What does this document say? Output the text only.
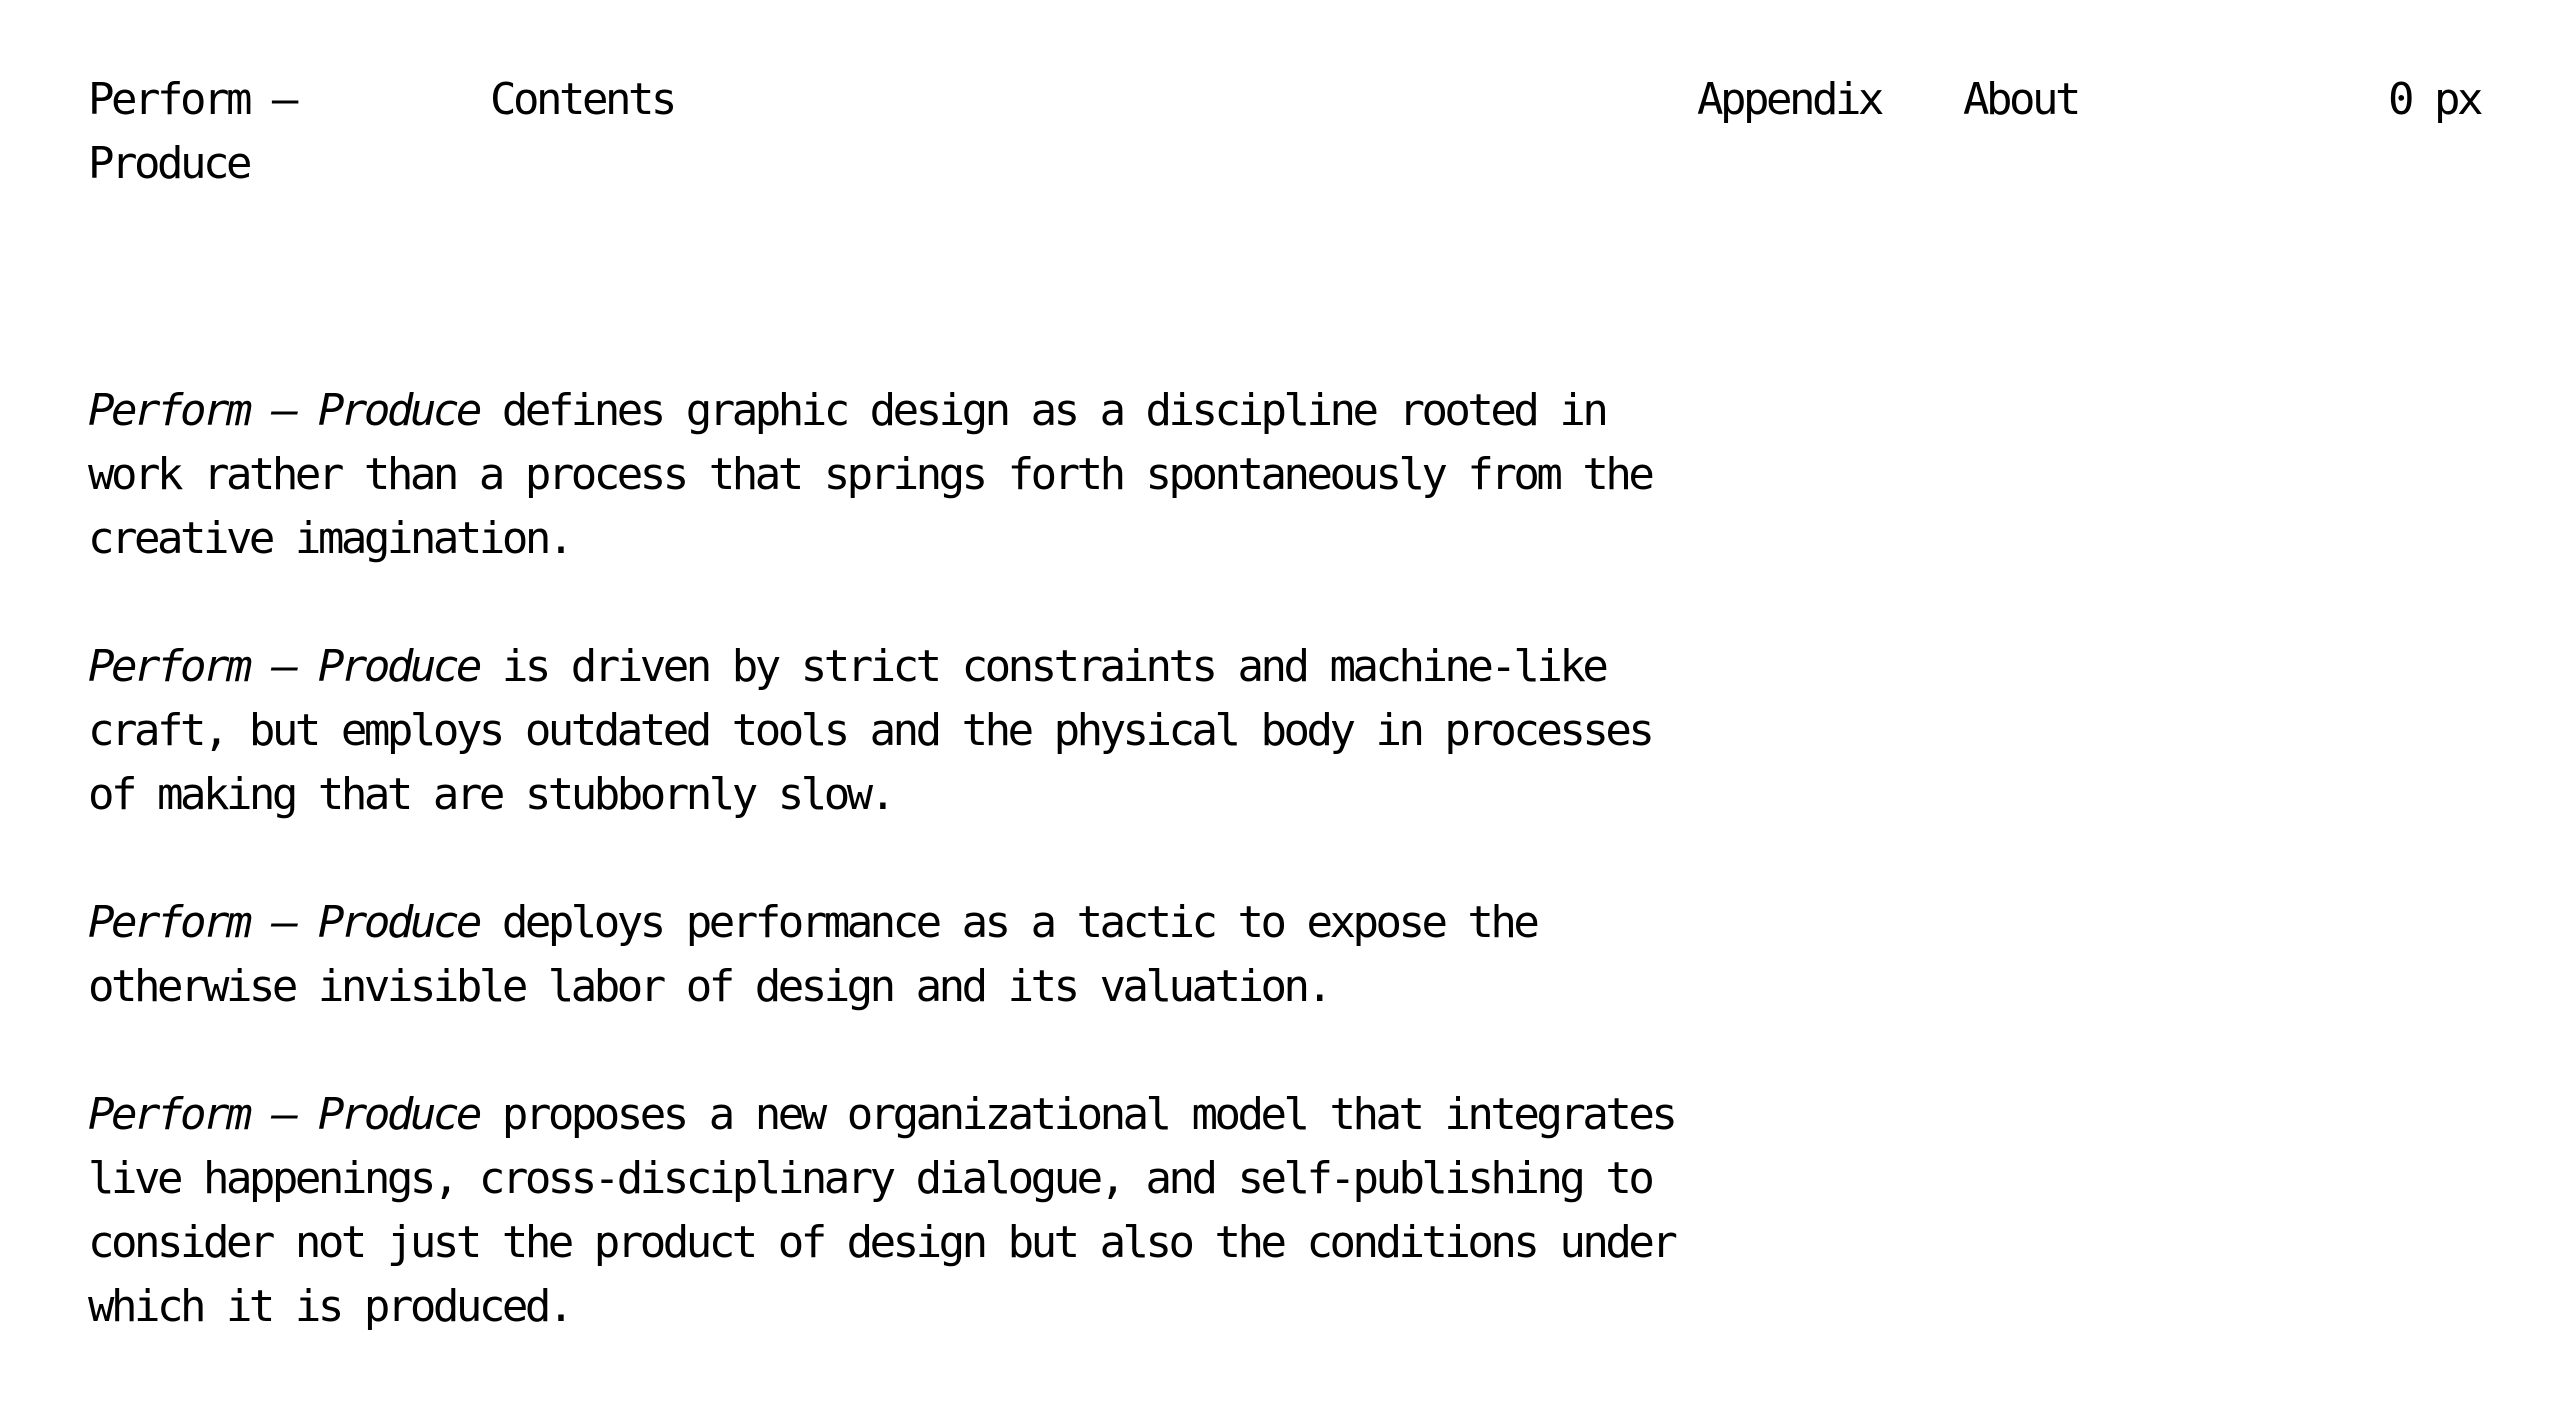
Perform – Produce
Contents	Appendix About	0 px

Perform – Produce defines graphic design as a discipline rooted in work rather than a process that springs forth spontaneously from the creative imagination.

Perform – Produce is driven by strict constraints and machine-like craft, but employs outdated tools and the physical body in processes of making that are stubbornly slow.

Perform – Produce deploys performance as a tactic to expose the otherwise invisible labor of design and its valuation.

Perform – Produce proposes a new organizational model that integrates live happenings, cross-disciplinary dialogue, and self-publishing to consider not just the product of design but also the conditions under which it is produced.
